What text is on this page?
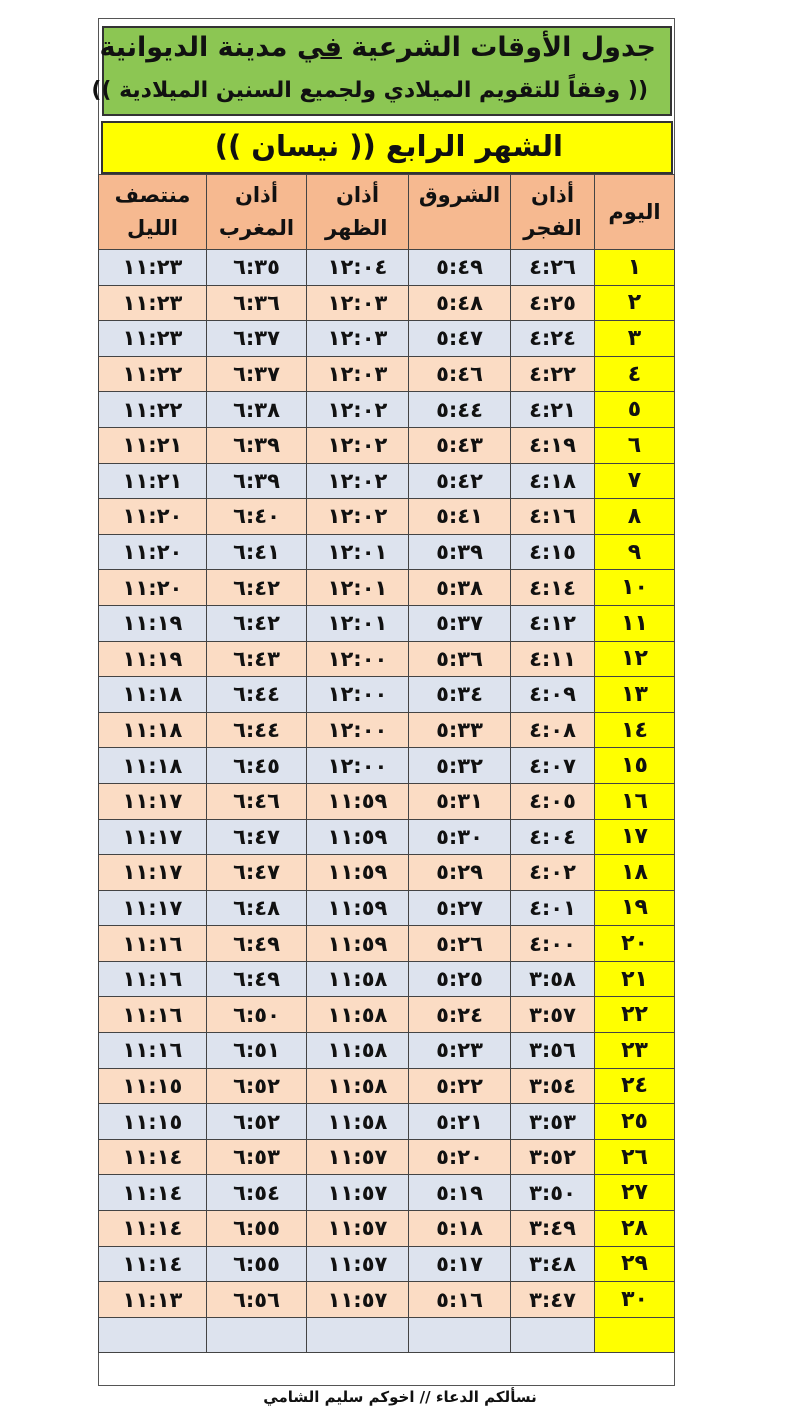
جدول الأوقات الشرعية في مدينة الديوانية
(( وفقاً للتقويم الميلادي ولجميع السنين الميلادية ))
الشهر الرابع (( نيسان ))
اليوم	أذان الفجر	الشروق	أذان الظهر	أذان المغرب	منتصف الليل
١	٤:٢٦	٥:٤٩	١٢:٠٤	٦:٣٥	١١:٢٣
٢	٤:٢٥	٥:٤٨	١٢:٠٣	٦:٣٦	١١:٢٣
٣	٤:٢٤	٥:٤٧	١٢:٠٣	٦:٣٧	١١:٢٣
٤	٤:٢٢	٥:٤٦	١٢:٠٣	٦:٣٧	١١:٢٢
٥	٤:٢١	٥:٤٤	١٢:٠٢	٦:٣٨	١١:٢٢
٦	٤:١٩	٥:٤٣	١٢:٠٢	٦:٣٩	١١:٢١
٧	٤:١٨	٥:٤٢	١٢:٠٢	٦:٣٩	١١:٢١
٨	٤:١٦	٥:٤١	١٢:٠٢	٦:٤٠	١١:٢٠
٩	٤:١٥	٥:٣٩	١٢:٠١	٦:٤١	١١:٢٠
١٠	٤:١٤	٥:٣٨	١٢:٠١	٦:٤٢	١١:٢٠
١١	٤:١٢	٥:٣٧	١٢:٠١	٦:٤٢	١١:١٩
١٢	٤:١١	٥:٣٦	١٢:٠٠	٦:٤٣	١١:١٩
١٣	٤:٠٩	٥:٣٤	١٢:٠٠	٦:٤٤	١١:١٨
١٤	٤:٠٨	٥:٣٣	١٢:٠٠	٦:٤٤	١١:١٨
١٥	٤:٠٧	٥:٣٢	١٢:٠٠	٦:٤٥	١١:١٨
١٦	٤:٠٥	٥:٣١	١١:٥٩	٦:٤٦	١١:١٧
١٧	٤:٠٤	٥:٣٠	١١:٥٩	٦:٤٧	١١:١٧
١٨	٤:٠٢	٥:٢٩	١١:٥٩	٦:٤٧	١١:١٧
١٩	٤:٠١	٥:٢٧	١١:٥٩	٦:٤٨	١١:١٧
٢٠	٤:٠٠	٥:٢٦	١١:٥٩	٦:٤٩	١١:١٦
٢١	٣:٥٨	٥:٢٥	١١:٥٨	٦:٤٩	١١:١٦
٢٢	٣:٥٧	٥:٢٤	١١:٥٨	٦:٥٠	١١:١٦
٢٣	٣:٥٦	٥:٢٣	١١:٥٨	٦:٥١	١١:١٦
٢٤	٣:٥٤	٥:٢٢	١١:٥٨	٦:٥٢	١١:١٥
٢٥	٣:٥٣	٥:٢١	١١:٥٨	٦:٥٢	١١:١٥
٢٦	٣:٥٢	٥:٢٠	١١:٥٧	٦:٥٣	١١:١٤
٢٧	٣:٥٠	٥:١٩	١١:٥٧	٦:٥٤	١١:١٤
٢٨	٣:٤٩	٥:١٨	١١:٥٧	٦:٥٥	١١:١٤
٢٩	٣:٤٨	٥:١٧	١١:٥٧	٦:٥٥	١١:١٤
٣٠	٣:٤٧	٥:١٦	١١:٥٧	٦:٥٦	١١:١٣

نسألكم الدعاء // اخوكم سليم الشامي
